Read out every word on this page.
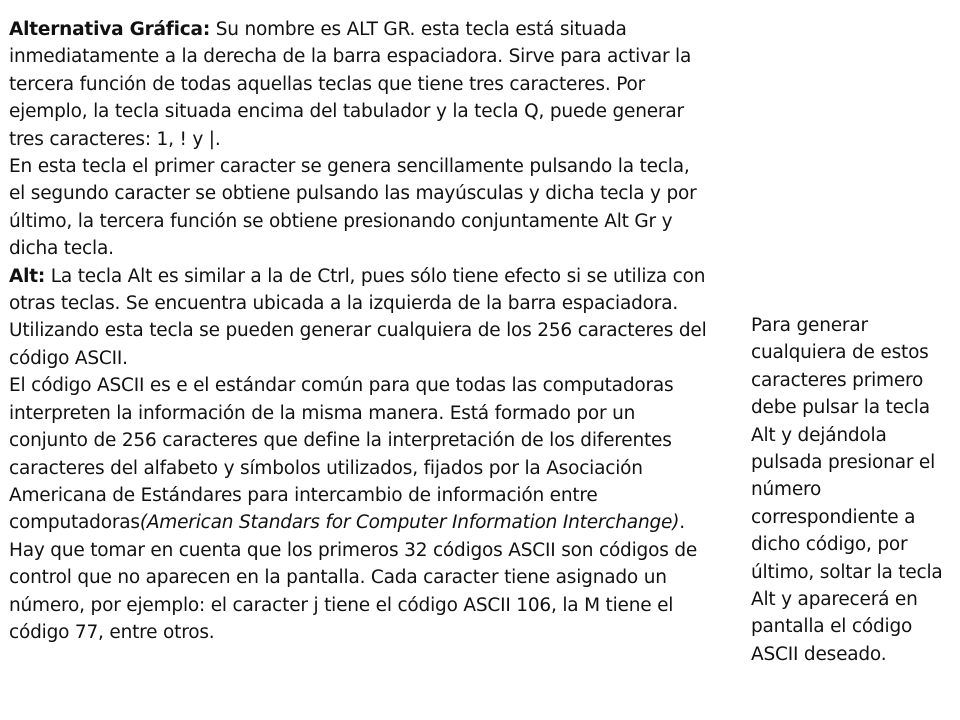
Alternativa Gráfica: Su nombre es ALT GR. esta tecla está situada inmediatamente a la derecha de la barra espaciadora. Sirve para activar la tercera función de todas aquellas teclas que tiene tres caracteres. Por ejemplo, la tecla situada encima del tabulador y la tecla Q, puede generar tres caracteres: 1, ! y |.

En esta tecla el primer caracter se genera sencillamente pulsando la tecla, el segundo caracter se obtiene pulsando las mayúsculas y dicha tecla y por último, la tercera función se obtiene presionando conjuntamente Alt Gr y dicha tecla.

Alt: La tecla Alt es similar a la de Ctrl, pues sólo tiene efecto si se utiliza con otras teclas. Se encuentra ubicada a la izquierda de la barra espaciadora. Utilizando esta tecla se pueden generar cualquiera de los 256 caracteres del código ASCII.

El código ASCII es e el estándar común para que todas las computadoras interpreten la información de la misma manera. Está formado por un conjunto de 256 caracteres que define la interpretación de los diferentes caracteres del alfabeto y símbolos utilizados, fijados por la Asociación Americana de Estándares para intercambio de información entre computadoras(American Standars for Computer Information Interchange). Hay que tomar en cuenta que los primeros 32 códigos ASCII son códigos de control que no aparecen en la pantalla. Cada caracter tiene asignado un número, por ejemplo: el caracter j tiene el código ASCII 106, la M tiene el código 77, entre otros.

Para generar cualquiera de estos caracteres primero debe pulsar la tecla Alt y dejándola pulsada presionar el número correspondiente a dicho código, por último, soltar la tecla Alt y aparecerá en pantalla el código ASCII deseado.
